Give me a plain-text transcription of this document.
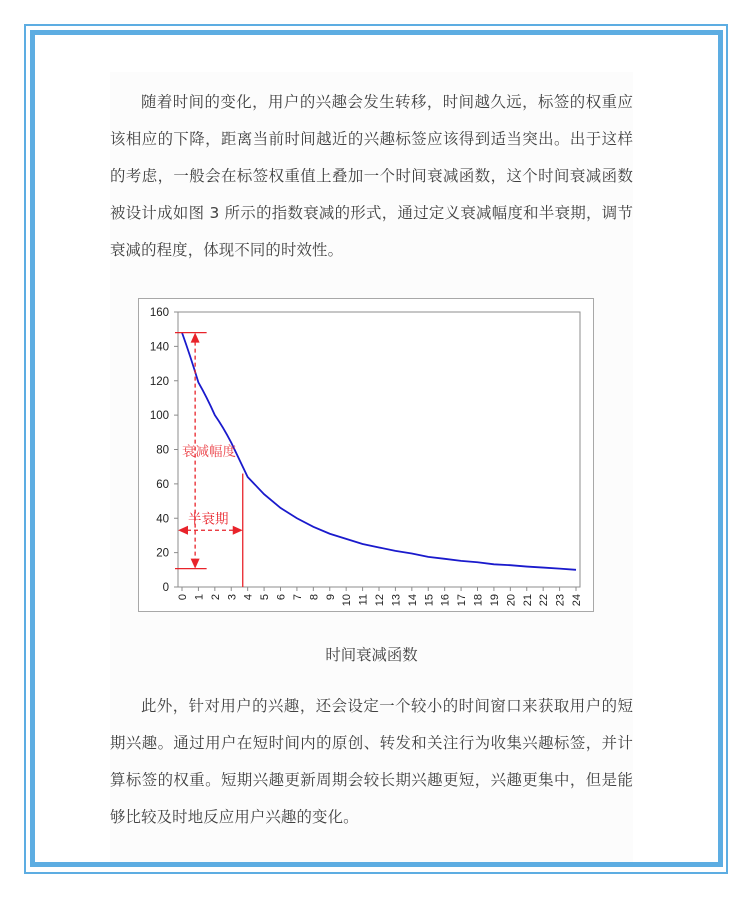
随着时间的变化，用户的兴趣会发生转移，时间越久远，标签的权重应该相应的下降，距离当前时间越近的兴趣标签应该得到适当突出。出于这样的考虑，一般会在标签权重值上叠加一个时间衰减函数，这个时间衰减函数被设计成如图 3 所示的指数衰减的形式，通过定义衰减幅度和半衰期，调节衰减的程度，体现不同的时效性。

0
20
40
60
80
100
120
140
160
0 1 2 3 4 5 6 7 8 9 10 11 12 13 14 15 16 17 18 19 20 21 22 23 24
衰减幅度
半衰期
时间衰减函数

此外，针对用户的兴趣，还会设定一个较小的时间窗口来获取用户的短期兴趣。通过用户在短时间内的原创、转发和关注行为收集兴趣标签，并计算标签的权重。短期兴趣更新周期会较长期兴趣更短，兴趣更集中，但是能够比较及时地反应用户兴趣的变化。
